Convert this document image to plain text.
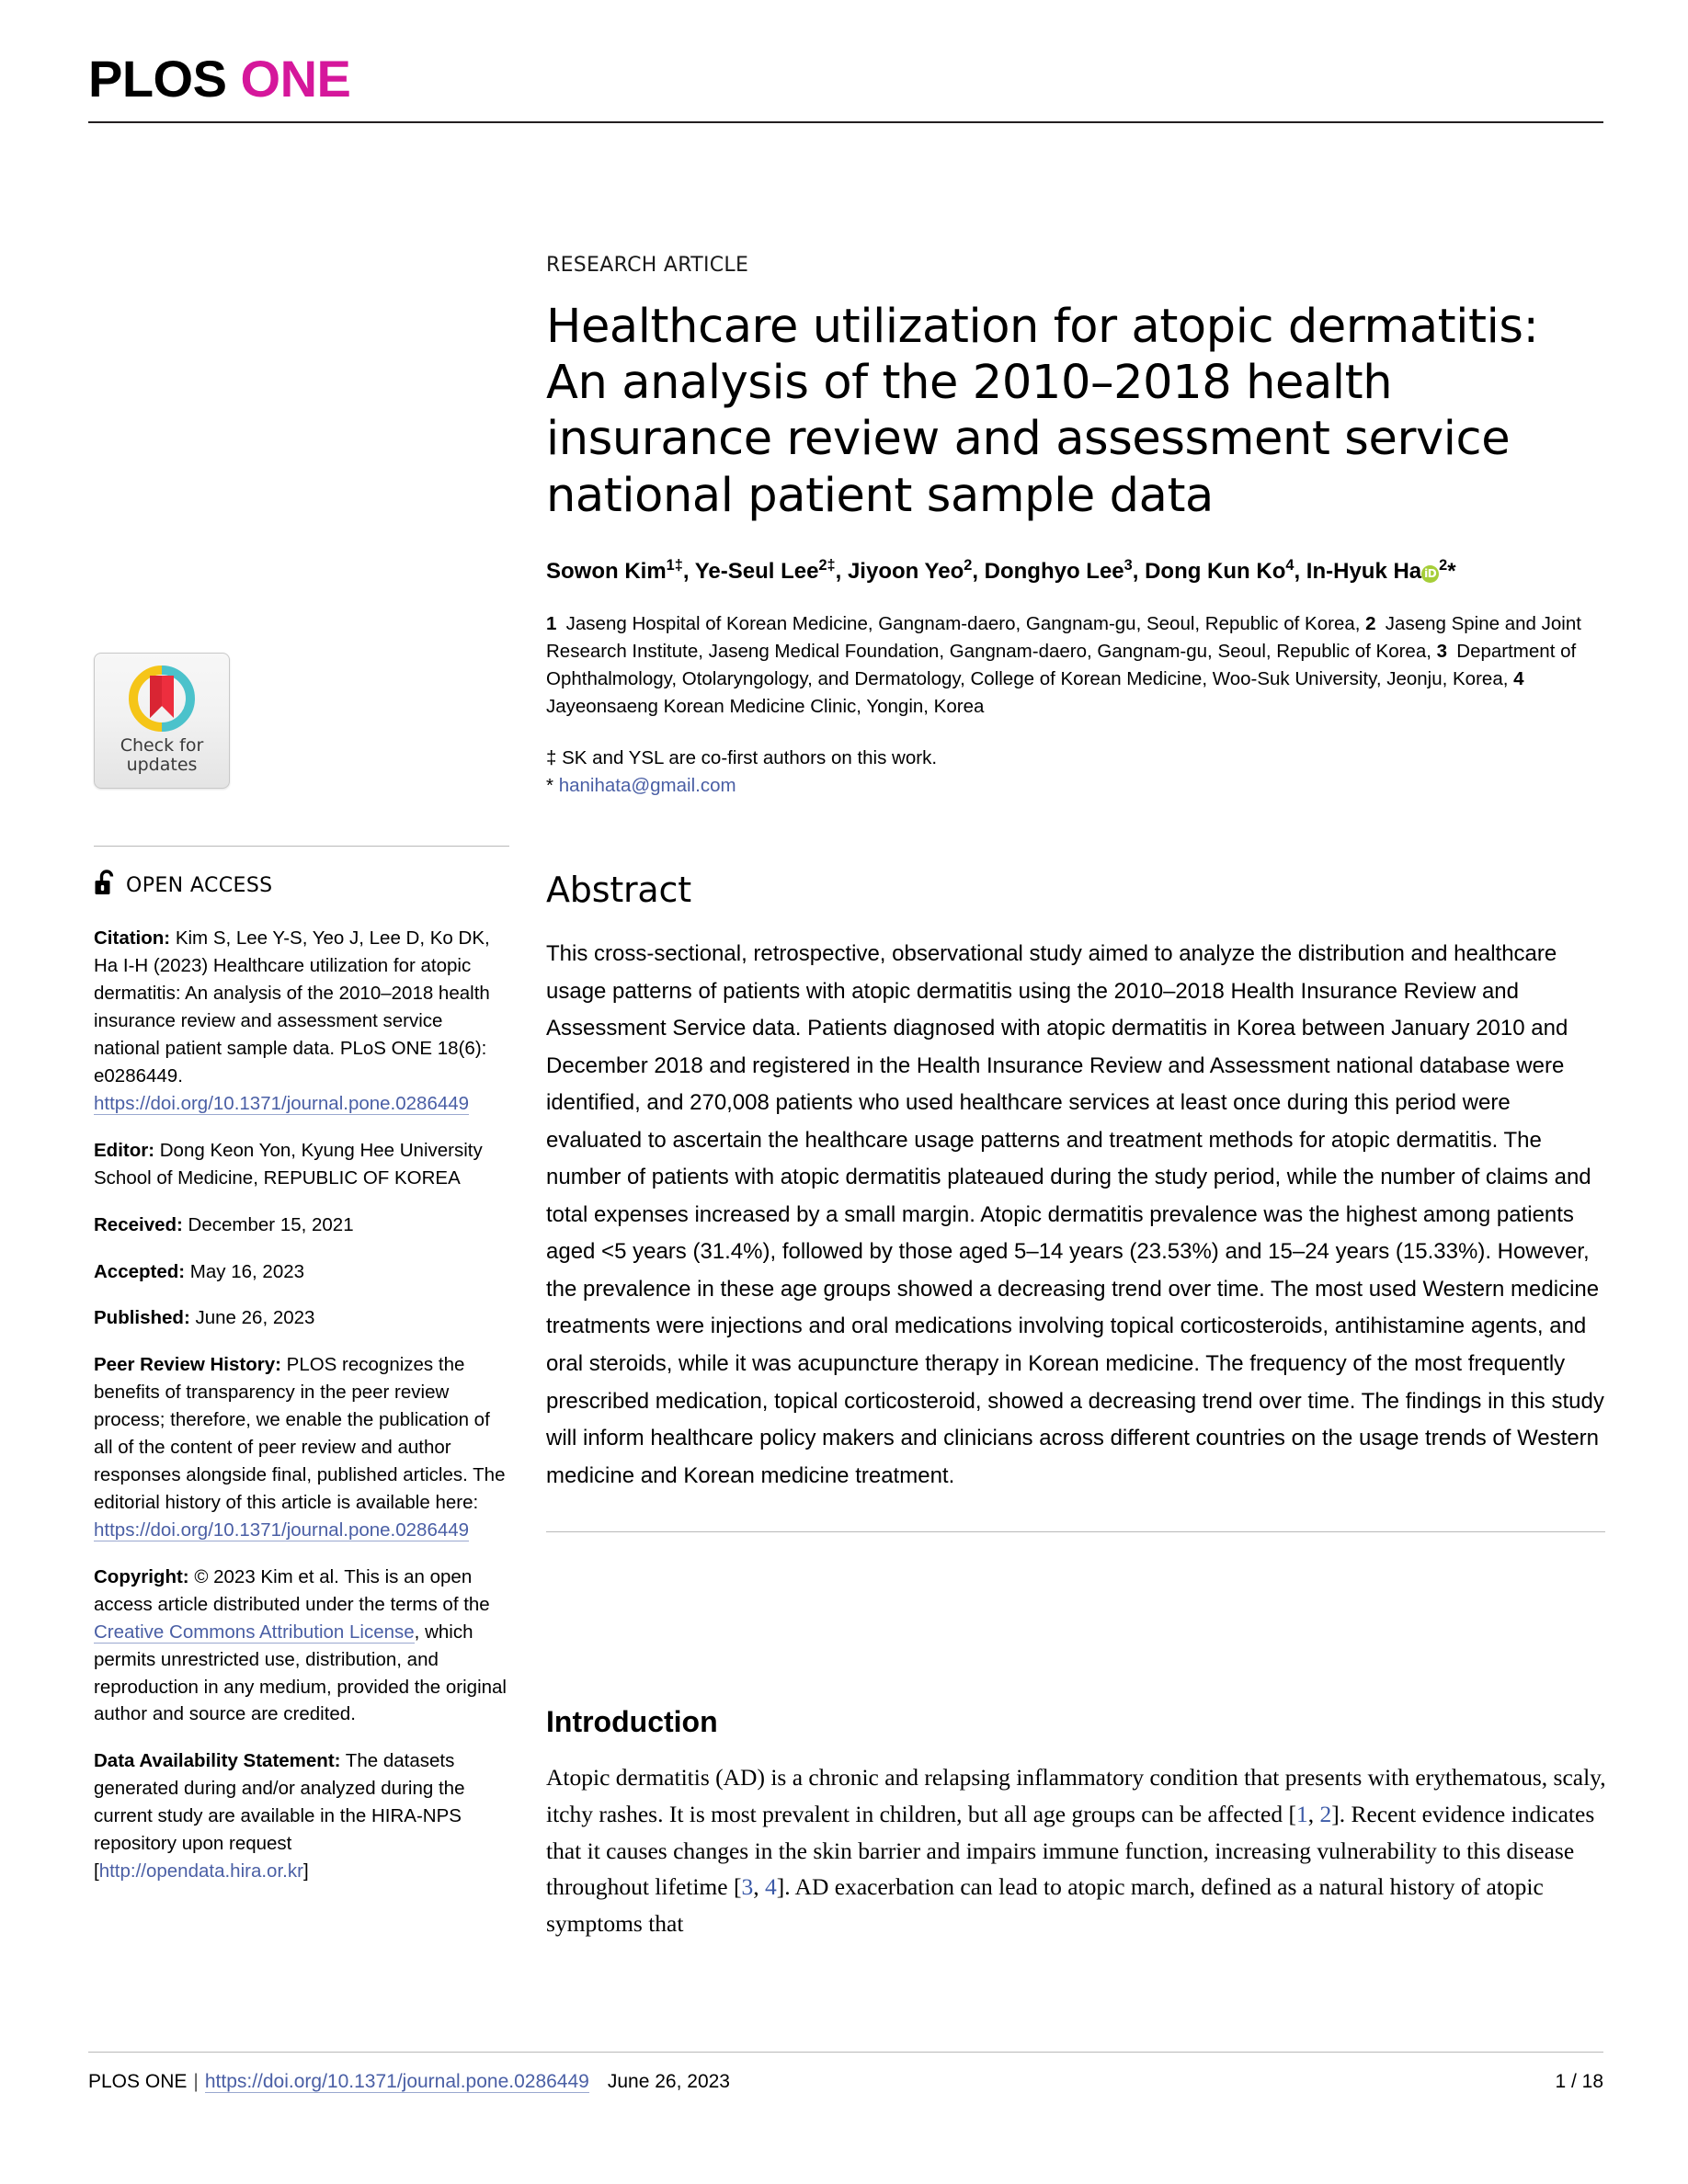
PLOS ONE
Check for
updates
OPEN ACCESS
Citation: Kim S, Lee Y-S, Yeo J, Lee D, Ko DK, Ha I-H (2023) Healthcare utilization for atopic dermatitis: An analysis of the 2010–2018 health insurance review and assessment service national patient sample data. PLoS ONE 18(6): e0286449. https://doi.org/10.1371/journal.pone.0286449
Editor: Dong Keon Yon, Kyung Hee University School of Medicine, REPUBLIC OF KOREA
Received: December 15, 2021
Accepted: May 16, 2023
Published: June 26, 2023
Peer Review History: PLOS recognizes the benefits of transparency in the peer review process; therefore, we enable the publication of all of the content of peer review and author responses alongside final, published articles. The editorial history of this article is available here: https://doi.org/10.1371/journal.pone.0286449
Copyright: © 2023 Kim et al. This is an open access article distributed under the terms of the Creative Commons Attribution License, which permits unrestricted use, distribution, and reproduction in any medium, provided the original author and source are credited.
Data Availability Statement: The datasets generated during and/or analyzed during the current study are available in the HIRA-NPS repository upon request [http://opendata.hira.or.kr]
RESEARCH ARTICLE
Healthcare utilization for atopic dermatitis: An analysis of the 2010–2018 health insurance review and assessment service national patient sample data
Sowon Kim$^{1\ddagger}$, Ye-Seul Lee$^{2\ddagger}$, Jiyoon Yeo$^2$, Donghyo Lee$^3$, Dong Kun Ko$^4$, In-Hyuk Ha iD $^2$*
1 Jaseng Hospital of Korean Medicine, Gangnam-daero, Gangnam-gu, Seoul, Republic of Korea, 2 Jaseng Spine and Joint Research Institute, Jaseng Medical Foundation, Gangnam-daero, Gangnam-gu, Seoul, Republic of Korea, 3 Department of Ophthalmology, Otolaryngology, and Dermatology, College of Korean Medicine, Woo-Suk University, Jeonju, Korea, 4 Jayeonsaeng Korean Medicine Clinic, Yongin, Korea
‡ SK and YSL are co-first authors on this work.
* hanihata@gmail.com
Abstract
This cross-sectional, retrospective, observational study aimed to analyze the distribution and healthcare usage patterns of patients with atopic dermatitis using the 2010–2018 Health Insurance Review and Assessment Service data. Patients diagnosed with atopic dermatitis in Korea between January 2010 and December 2018 and registered in the Health Insurance Review and Assessment national database were identified, and 270,008 patients who used healthcare services at least once during this period were evaluated to ascertain the healthcare usage patterns and treatment methods for atopic dermatitis. The number of patients with atopic dermatitis plateaued during the study period, while the number of claims and total expenses increased by a small margin. Atopic dermatitis prevalence was the highest among patients aged <5 years (31.4%), followed by those aged 5–14 years (23.53%) and 15–24 years (15.33%). However, the prevalence in these age groups showed a decreasing trend over time. The most used Western medicine treatments were injections and oral medications involving topical corticosteroids, antihistamine agents, and oral steroids, while it was acupuncture therapy in Korean medicine. The frequency of the most frequently prescribed medication, topical corticosteroid, showed a decreasing trend over time. The findings in this study will inform healthcare policy makers and clinicians across different countries on the usage trends of Western medicine and Korean medicine treatment.
Introduction
Atopic dermatitis (AD) is a chronic and relapsing inflammatory condition that presents with erythematous, scaly, itchy rashes. It is most prevalent in children, but all age groups can be affected [1, 2]. Recent evidence indicates that it causes changes in the skin barrier and impairs immune function, increasing vulnerability to this disease throughout lifetime [3, 4]. AD exacerbation can lead to atopic march, defined as a natural history of atopic symptoms that
PLOS ONE | https://doi.org/10.1371/journal.pone.0286449 June 26, 2023	1 / 18
